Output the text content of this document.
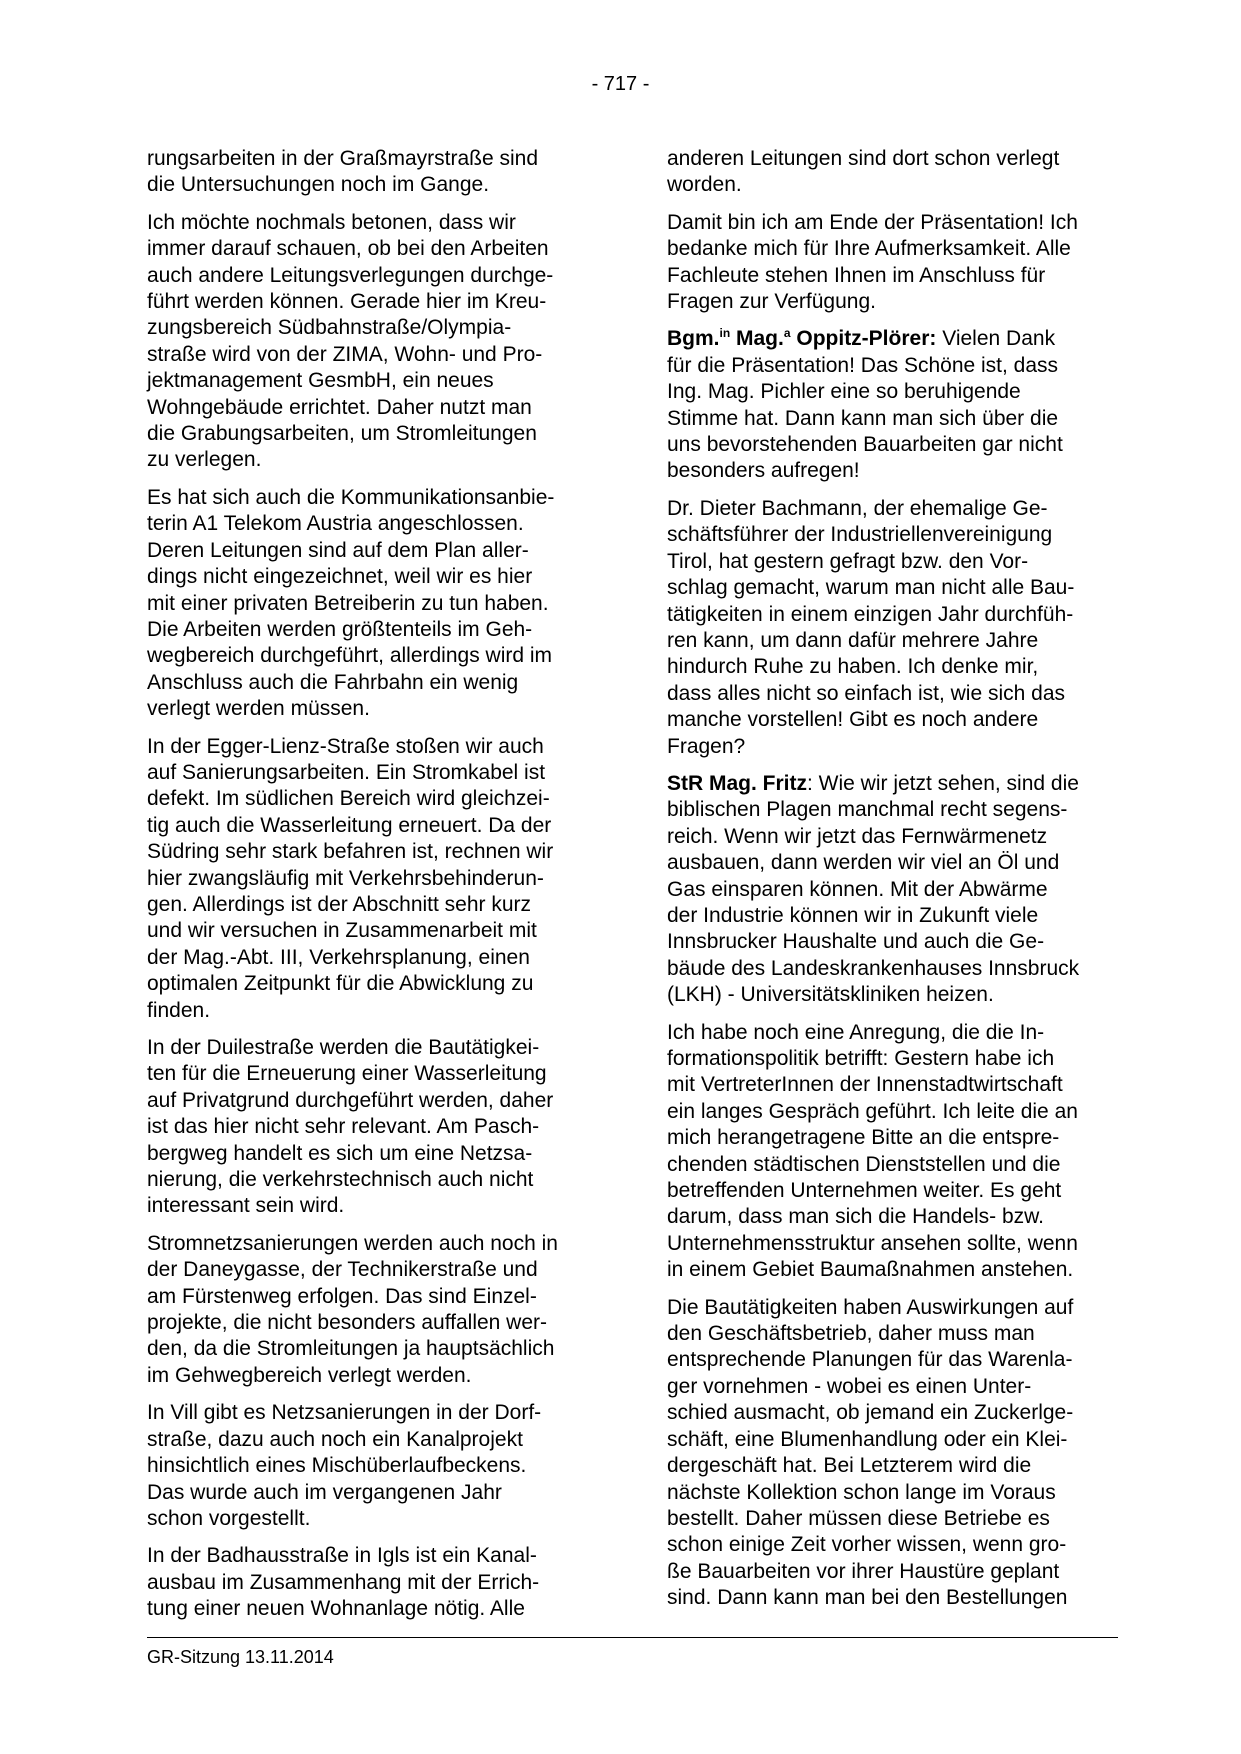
- 717 -

rungsarbeiten in der Graßmayrstraße sind
die Untersuchungen noch im Gange.

Ich möchte nochmals betonen, dass wir
immer darauf schauen, ob bei den Arbeiten
auch andere Leitungsverlegungen durchge-
führt werden können. Gerade hier im Kreu-
zungsbereich Südbahnstraße/Olympia-
straße wird von der ZIMA, Wohn- und Pro-
jektmanagement GesmbH, ein neues
Wohngebäude errichtet. Daher nutzt man
die Grabungsarbeiten, um Stromleitungen
zu verlegen.

Es hat sich auch die Kommunikationsanbie-
terin A1 Telekom Austria angeschlossen.
Deren Leitungen sind auf dem Plan aller-
dings nicht eingezeichnet, weil wir es hier
mit einer privaten Betreiberin zu tun haben.
Die Arbeiten werden größtenteils im Geh-
wegbereich durchgeführt, allerdings wird im
Anschluss auch die Fahrbahn ein wenig
verlegt werden müssen.

In der Egger-Lienz-Straße stoßen wir auch
auf Sanierungsarbeiten. Ein Stromkabel ist
defekt. Im südlichen Bereich wird gleichzei-
tig auch die Wasserleitung erneuert. Da der
Südring sehr stark befahren ist, rechnen wir
hier zwangsläufig mit Verkehrsbehinderun-
gen. Allerdings ist der Abschnitt sehr kurz
und wir versuchen in Zusammenarbeit mit
der Mag.-Abt. III, Verkehrsplanung, einen
optimalen Zeitpunkt für die Abwicklung zu
finden.

In der Duilestraße werden die Bautätigkei-
ten für die Erneuerung einer Wasserleitung
auf Privatgrund durchgeführt werden, daher
ist das hier nicht sehr relevant. Am Pasch-
bergweg handelt es sich um eine Netzsa-
nierung, die verkehrstechnisch auch nicht
interessant sein wird.

Stromnetzsanierungen werden auch noch in
der Daneygasse, der Technikerstraße und
am Fürstenweg erfolgen. Das sind Einzel-
projekte, die nicht besonders auffallen wer-
den, da die Stromleitungen ja hauptsächlich
im Gehwegbereich verlegt werden.

In Vill gibt es Netzsanierungen in der Dorf-
straße, dazu auch noch ein Kanalprojekt
hinsichtlich eines Mischüberlaufbeckens.
Das wurde auch im vergangenen Jahr
schon vorgestellt.

In der Badhausstraße in Igls ist ein Kanal-
ausbau im Zusammenhang mit der Errich-
tung einer neuen Wohnanlage nötig. Alle

anderen Leitungen sind dort schon verlegt
worden.

Damit bin ich am Ende der Präsentation! Ich
bedanke mich für Ihre Aufmerksamkeit. Alle
Fachleute stehen Ihnen im Anschluss für
Fragen zur Verfügung.

Bgm.$^{in}$ Mag.$^a$ Oppitz-Plörer: Vielen Dank
für die Präsentation! Das Schöne ist, dass
Ing. Mag. Pichler eine so beruhigende
Stimme hat. Dann kann man sich über die
uns bevorstehenden Bauarbeiten gar nicht
besonders aufregen!

Dr. Dieter Bachmann, der ehemalige Ge-
schäftsführer der Industriellenvereinigung
Tirol, hat gestern gefragt bzw. den Vor-
schlag gemacht, warum man nicht alle Bau-
tätigkeiten in einem einzigen Jahr durchfüh-
ren kann, um dann dafür mehrere Jahre
hindurch Ruhe zu haben. Ich denke mir,
dass alles nicht so einfach ist, wie sich das
manche vorstellen! Gibt es noch andere
Fragen?

StR Mag. Fritz: Wie wir jetzt sehen, sind die
biblischen Plagen manchmal recht segens-
reich. Wenn wir jetzt das Fernwärmenetz
ausbauen, dann werden wir viel an Öl und
Gas einsparen können. Mit der Abwärme
der Industrie können wir in Zukunft viele
Innsbrucker Haushalte und auch die Ge-
bäude des Landeskrankenhauses Innsbruck
(LKH) - Universitätskliniken heizen.

Ich habe noch eine Anregung, die die In-
formationspolitik betrifft: Gestern habe ich
mit VertreterInnen der Innenstadtwirtschaft
ein langes Gespräch geführt. Ich leite die an
mich herangetragene Bitte an die entspre-
chenden städtischen Dienststellen und die
betreffenden Unternehmen weiter. Es geht
darum, dass man sich die Handels- bzw.
Unternehmensstruktur ansehen sollte, wenn
in einem Gebiet Baumaßnahmen anstehen.

Die Bautätigkeiten haben Auswirkungen auf
den Geschäftsbetrieb, daher muss man
entsprechende Planungen für das Warenla-
ger vornehmen - wobei es einen Unter-
schied ausmacht, ob jemand ein Zuckerlge-
schäft, eine Blumenhandlung oder ein Klei-
dergeschäft hat. Bei Letzterem wird die
nächste Kollektion schon lange im Voraus
bestellt. Daher müssen diese Betriebe es
schon einige Zeit vorher wissen, wenn gro-
ße Bauarbeiten vor ihrer Haustüre geplant
sind. Dann kann man bei den Bestellungen

GR-Sitzung 13.11.2014
